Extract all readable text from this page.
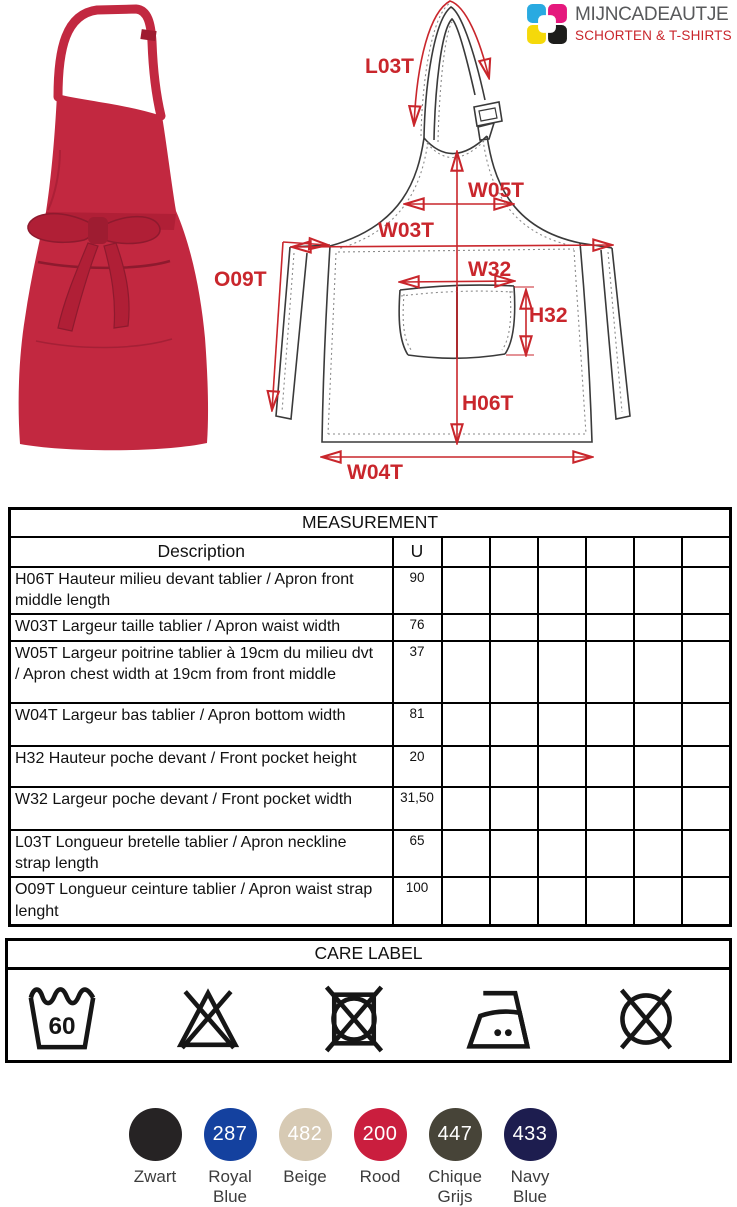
L03T
W05T
W03T
O09T	W32
H32
H06T
W04T
MIJNCADEAUTJE
SCHORTEN & T-SHIRTS
MEASUREMENT							
Description	U						
H06T Hauteur milieu devant tablier / Apron front middle length	90						
W03T Largeur taille tablier / Apron waist width	76						
W05T Largeur poitrine tablier à 19cm du milieu dvt / Apron chest width at 19cm from front middle	37						
W04T Largeur bas tablier / Apron bottom width	81						
H32 Hauteur poche devant / Front pocket height	20						
W32 Largeur poche devant / Front pocket width	31,50						
L03T Longueur bretelle tablier / Apron neckline strap length	65						
O09T Longueur ceinture tablier / Apron waist strap lenght	100						
CARE LABEL
60
Zwart
287
Royal
Blue
482
Beige
200
Rood
447
Chique
Grijs
433
Navy
Blue
